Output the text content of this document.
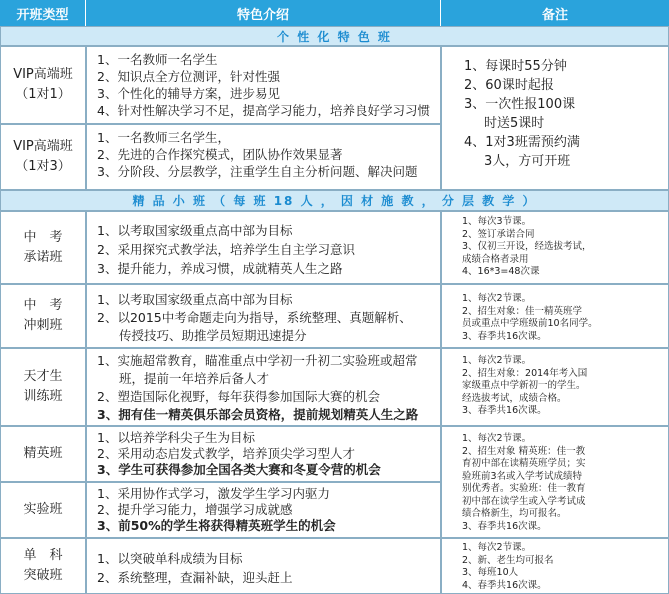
开班类型	特色介绍	备注
个 性 化 特 色 班
VIP高端班
（1对1）
1、一名教师一名学生
2、知识点全方位测评，针对性强
3、个性化的辅导方案，进步易见
4、针对性解决学习不足，提高学习能力，培养良好学习习惯
VIP高端班
（1对3）
1、一名教师三名学生，
2、先进的合作探究模式，团队协作效果显著
3、分阶段、分层教学，注重学生自主分析问题、解决问题
1、每课时55分钟
2、60课时起报
3、一次性报100课
时送5课时
4、1对3班需预约满
3人，方可开班
精 品 小 班 （ 每 班 18 人 ， 因 材 施 教 ， 分 层 教 学 ）
中　考
承诺班
1、以考取国家级重点高中部为目标
2、采用探究式教学法，培养学生自主学习意识
3、提升能力，养成习惯，成就精英人生之路
1、每次3节课。
2、签订承诺合同
3、仅初三开设，经选拔考试，
成绩合格者录用
4、16*3=48次课
中　考
冲刺班
1、以考取国家级重点高中部为目标
2、以2015中考命题走向为指导，系统整理、真题解析、
传授技巧、助推学员短期迅速提分
1、每次2节课。
2、招生对象：佳一精英班学
员或重点中学班级前10名同学。
3、春季共16次课。
天才生
训练班
1、实施超常教育，瞄准重点中学初一升初二实验班或超常
班，提前一年培养后备人才
2、塑造国际化视野，每年获得参加国际大赛的机会
3、拥有佳一精英俱乐部会员资格，提前规划精英人生之路
1、每次2节课。
2、招生对象：2014年考入国
家级重点中学新初一的学生。
经选拔考试，成绩合格。
3、春季共16次课。
精英班
1、以培养学科尖子生为目标
2、采用动态启发式教学，培养顶尖学习型人才
3、学生可获得参加全国各类大赛和冬夏令营的机会
实验班
1、采用协作式学习，激发学生学习内驱力
2、提升学习能力，增强学习成就感
3、前50%的学生将获得精英班学生的机会
1、每次2节课。
2、招生对象 精英班：佳一教
育初中部在读精英班学员；实
验班前3名或入学考试成绩特
别优秀者。实验班：佳一教育
初中部在读学生或入学考试成
绩合格新生，均可报名。
3、春季共16次课。
单　科
突破班
1、以突破单科成绩为目标
2、系统整理，查漏补缺，迎头赶上
1、每次2节课。
2、新、老生均可报名
3、每班10人
4、春季共16次课。
